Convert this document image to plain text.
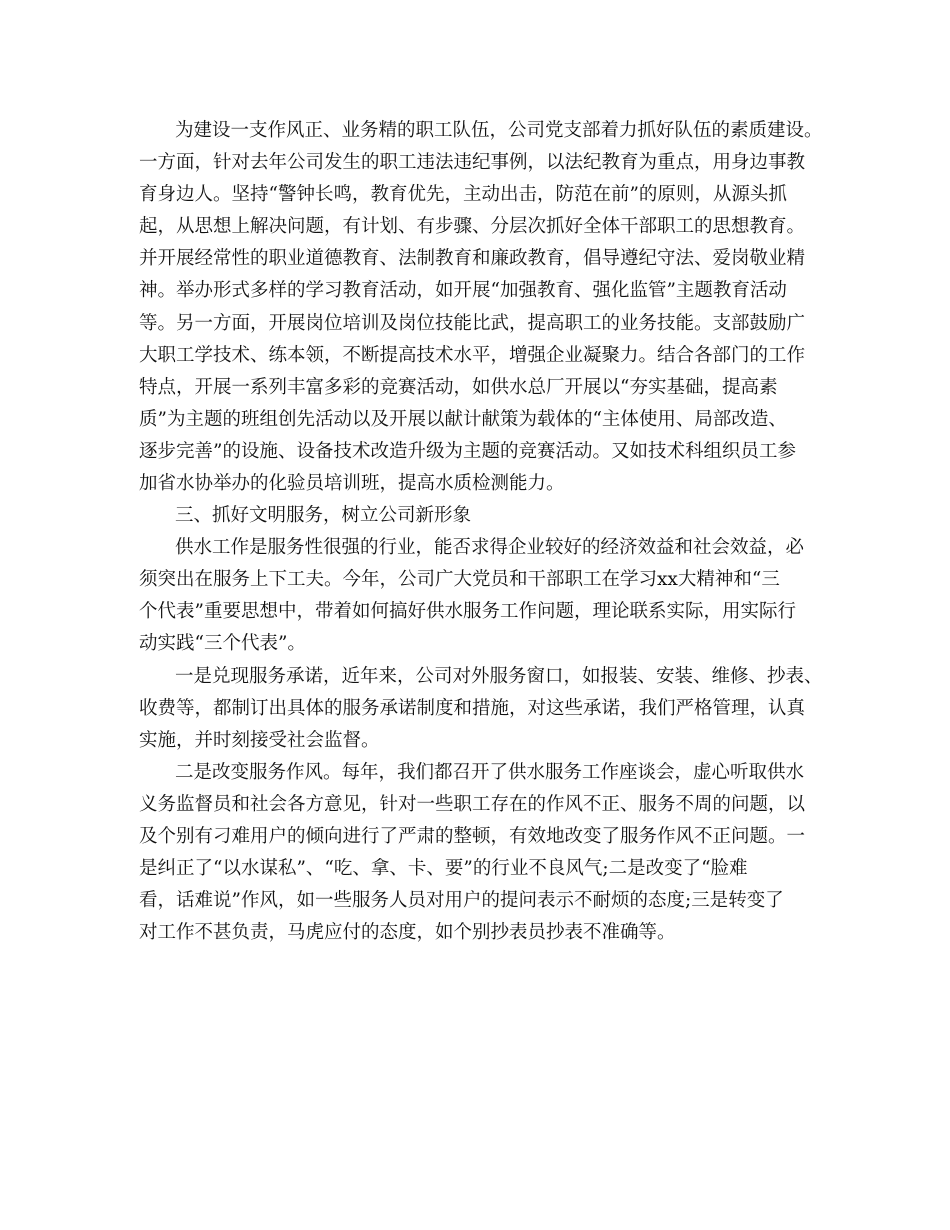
为建设一支作风正、业务精的职工队伍，公司党支部着力抓好队伍的素质建设。
一方面，针对去年公司发生的职工违法违纪事例，以法纪教育为重点，用身边事教
育身边人。坚持“警钟长鸣，教育优先，主动出击，防范在前”的原则，从源头抓
起，从思想上解决问题，有计划、有步骤、分层次抓好全体干部职工的思想教育。
并开展经常性的职业道德教育、法制教育和廉政教育，倡导遵纪守法、爱岗敬业精
神。举办形式多样的学习教育活动，如开展“加强教育、强化监管”主题教育活动
等。另一方面，开展岗位培训及岗位技能比武，提高职工的业务技能。支部鼓励广
大职工学技术、练本领，不断提高技术水平，增强企业凝聚力。结合各部门的工作
特点，开展一系列丰富多彩的竞赛活动，如供水总厂开展以“夯实基础，提高素
质”为主题的班组创先活动以及开展以献计献策为载体的“主体使用、局部改造、
逐步完善”的设施、设备技术改造升级为主题的竞赛活动。又如技术科组织员工参
加省水协举办的化验员培训班，提高水质检测能力。
三、抓好文明服务，树立公司新形象
供水工作是服务性很强的行业，能否求得企业较好的经济效益和社会效益，必
须突出在服务上下工夫。今年，公司广大党员和干部职工在学习xx大精神和“三
个代表”重要思想中，带着如何搞好供水服务工作问题，理论联系实际，用实际行
动实践“三个代表”。
一是兑现服务承诺，近年来，公司对外服务窗口，如报装、安装、维修、抄表、
收费等，都制订出具体的服务承诺制度和措施，对这些承诺，我们严格管理，认真
实施，并时刻接受社会监督。
二是改变服务作风。每年，我们都召开了供水服务工作座谈会，虚心听取供水
义务监督员和社会各方意见，针对一些职工存在的作风不正、服务不周的问题，以
及个别有刁难用户的倾向进行了严肃的整顿，有效地改变了服务作风不正问题。一
是纠正了“以水谋私”、“吃、拿、卡、要”的行业不良风气;二是改变了“脸难
看，话难说”作风，如一些服务人员对用户的提问表示不耐烦的态度;三是转变了
对工作不甚负责，马虎应付的态度，如个别抄表员抄表不准确等。
